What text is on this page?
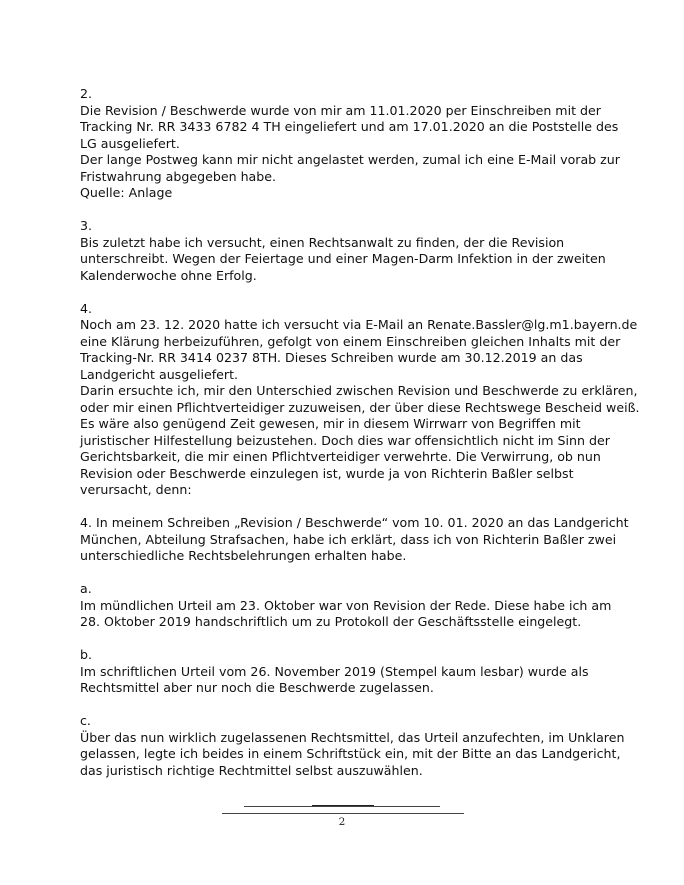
2.
Die Revision / Beschwerde wurde von mir am 11.01.2020 per Einschreiben mit der
Tracking Nr. RR 3433 6782 4 TH eingeliefert und am 17.01.2020 an die Poststelle des
LG ausgeliefert.
Der lange Postweg kann mir nicht angelastet werden, zumal ich eine E-Mail vorab zur
Fristwahrung abgegeben habe.
Quelle: Anlage
3.
Bis zuletzt habe ich versucht, einen Rechtsanwalt zu finden, der die Revision
unterschreibt. Wegen der Feiertage und einer Magen-Darm Infektion in der zweiten
Kalenderwoche ohne Erfolg.
4.
Noch am 23. 12. 2020 hatte ich versucht via E-Mail an Renate.Bassler@lg.m1.bayern.de
eine Klärung herbeizuführen, gefolgt von einem Einschreiben gleichen Inhalts mit der
Tracking-Nr. RR 3414 0237 8TH. Dieses Schreiben wurde am 30.12.2019 an das
Landgericht ausgeliefert.
Darin ersuchte ich, mir den Unterschied zwischen Revision und Beschwerde zu erklären,
oder mir einen Pflichtverteidiger zuzuweisen, der über diese Rechtswege Bescheid weiß.
Es wäre also genügend Zeit gewesen, mir in diesem Wirrwarr von Begriffen mit
juristischer Hilfestellung beizustehen. Doch dies war offensichtlich nicht im Sinn der
Gerichtsbarkeit, die mir einen Pflichtverteidiger verwehrte. Die Verwirrung, ob nun
Revision oder Beschwerde einzulegen ist, wurde ja von Richterin Baßler selbst
verursacht, denn:
4. In meinem Schreiben „Revision / Beschwerde“ vom 10. 01. 2020 an das Landgericht
München, Abteilung Strafsachen, habe ich erklärt, dass ich von Richterin Baßler zwei
unterschiedliche Rechtsbelehrungen erhalten habe.
a.
Im mündlichen Urteil am 23. Oktober war von Revision der Rede. Diese habe ich am
28. Oktober 2019 handschriftlich um zu Protokoll der Geschäftsstelle eingelegt.
b.
Im schriftlichen Urteil vom 26. November 2019 (Stempel kaum lesbar) wurde als
Rechtsmittel aber nur noch die Beschwerde zugelassen.
c.
Über das nun wirklich zugelassenen Rechtsmittel, das Urteil anzufechten, im Unklaren
gelassen, legte ich beides in einem Schriftstück ein, mit der Bitte an das Landgericht,
das juristisch richtige Rechtmittel selbst auszuwählen.
2
